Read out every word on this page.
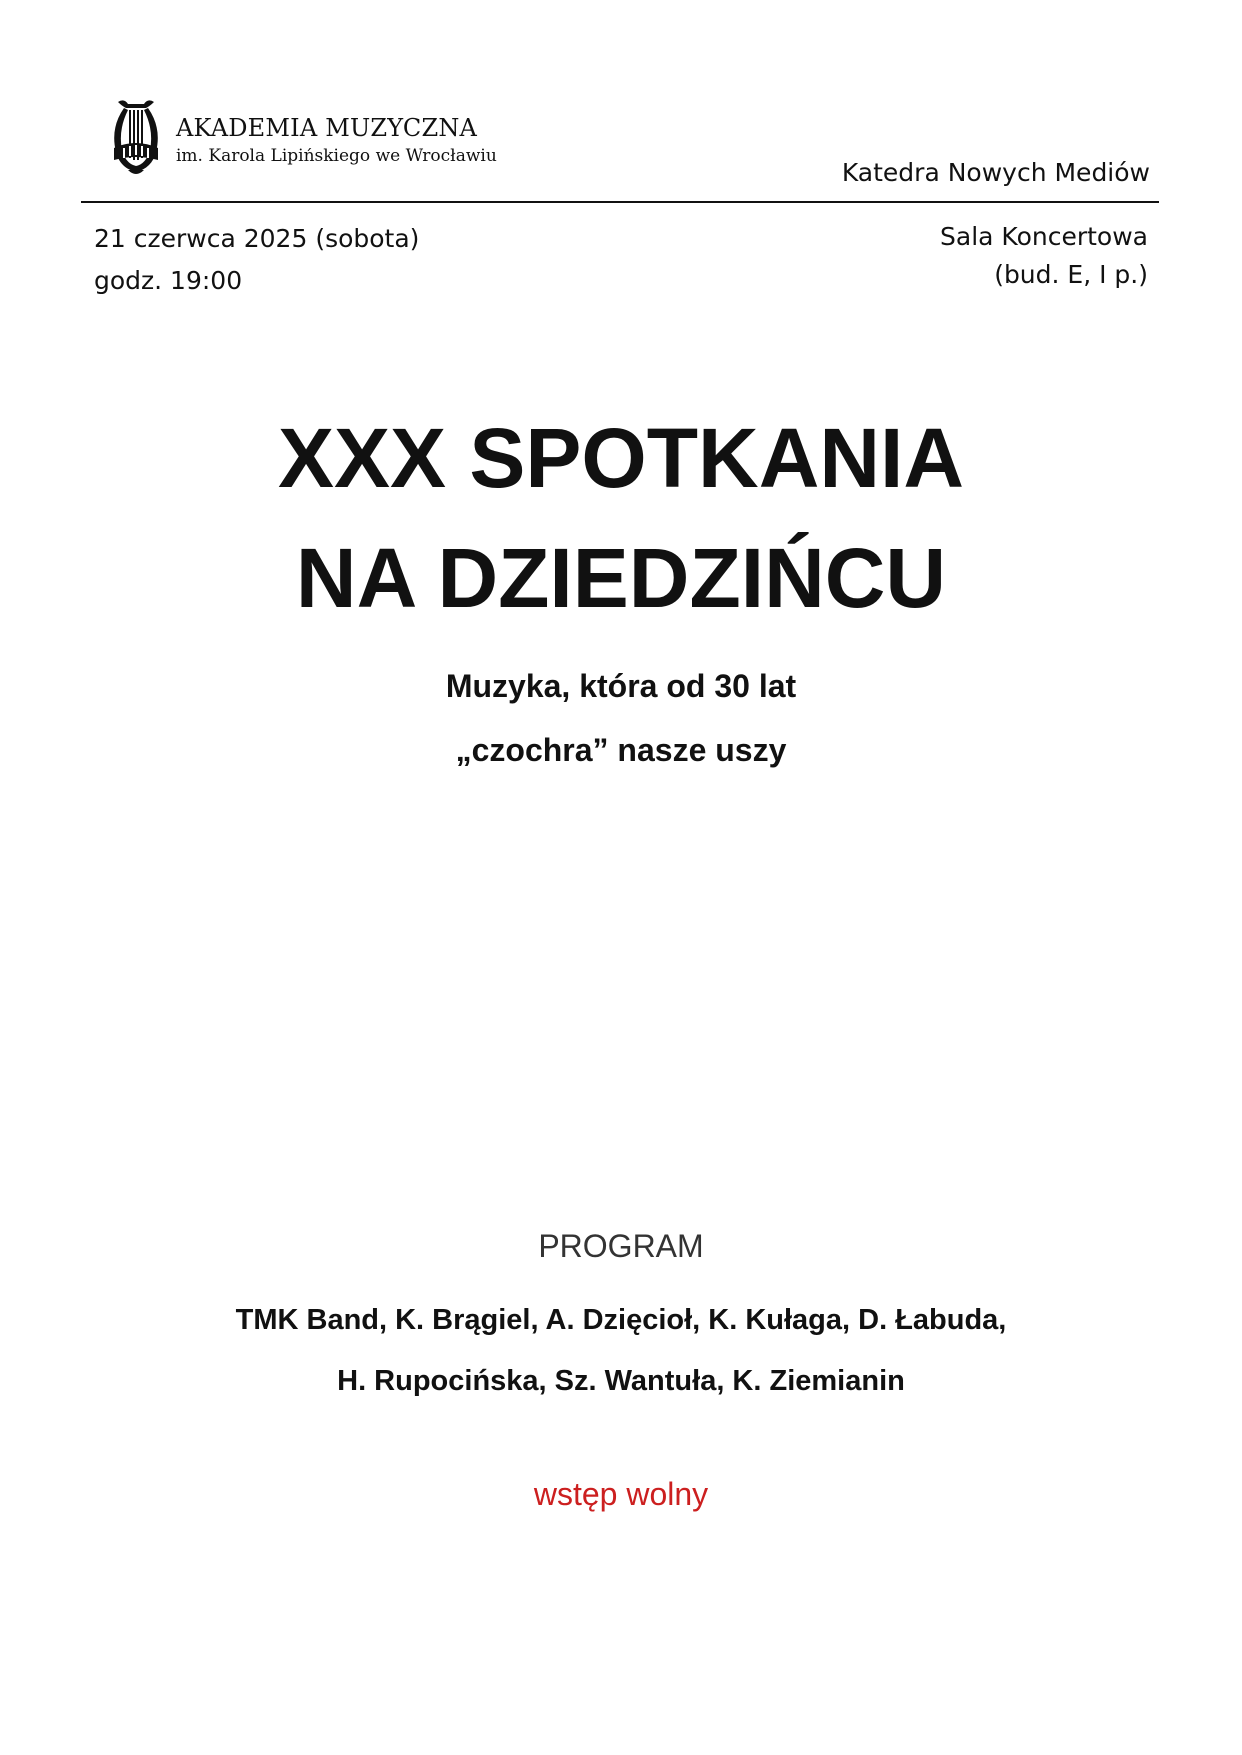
AKADEMIA MUZYCZNA
im. Karola Lipińskiego we Wrocławiu
Katedra Nowych Mediów
21 czerwca 2025 (sobota)
godz. 19:00
Sala Koncertowa
(bud. E, I p.)
XXX SPOTKANIA
NA DZIEDZIŃCU
Muzyka, która od 30 lat
„czochra” nasze uszy
PROGRAM
TMK Band, K. Brągiel, A. Dzięcioł, K. Kułaga, D. Łabuda,
H. Rupocińska, Sz. Wantuła, K. Ziemianin
wstęp wolny
